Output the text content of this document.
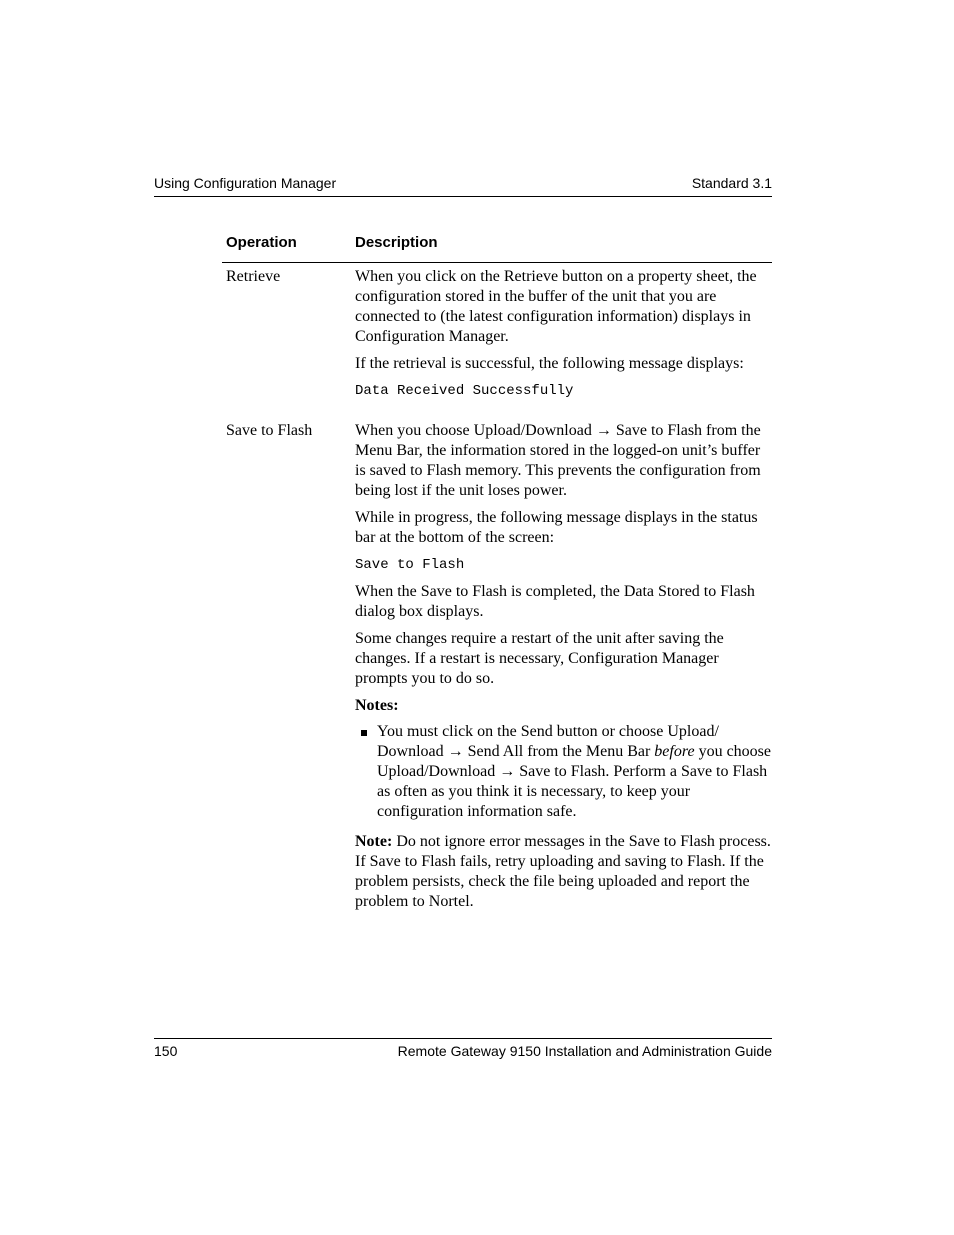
Using Configuration Manager	Standard 3.1
Operation	Description
Retrieve	When you click on the Retrieve button on a property sheet, the configuration stored in the buffer of the unit that you are connected to (the latest configuration information) displays in Configuration Manager.

If the retrieval is successful, the following message displays:

Data Received Successfully
Save to Flash	When you choose Upload/Download → Save to Flash from the Menu Bar, the information stored in the logged-on unit’s buffer is saved to Flash memory. This prevents the configuration from being lost if the unit loses power.

While in progress, the following message displays in the status bar at the bottom of the screen:

Save to Flash

When the Save to Flash is completed, the Data Stored to Flash dialog box displays.

Some changes require a restart of the unit after saving the changes. If a restart is necessary, Configuration Manager prompts you to do so.

Notes:
You must click on the Send button or choose Upload/ Download → Send All from the Menu Bar before you choose Upload/Download → Save to Flash. Perform a Save to Flash as often as you think it is necessary, to keep your configuration information safe.

Note: Do not ignore error messages in the Save to Flash process. If Save to Flash fails, retry uploading and saving to Flash. If the problem persists, check the file being uploaded and report the problem to Nortel.

150	Remote Gateway 9150 Installation and Administration Guide
